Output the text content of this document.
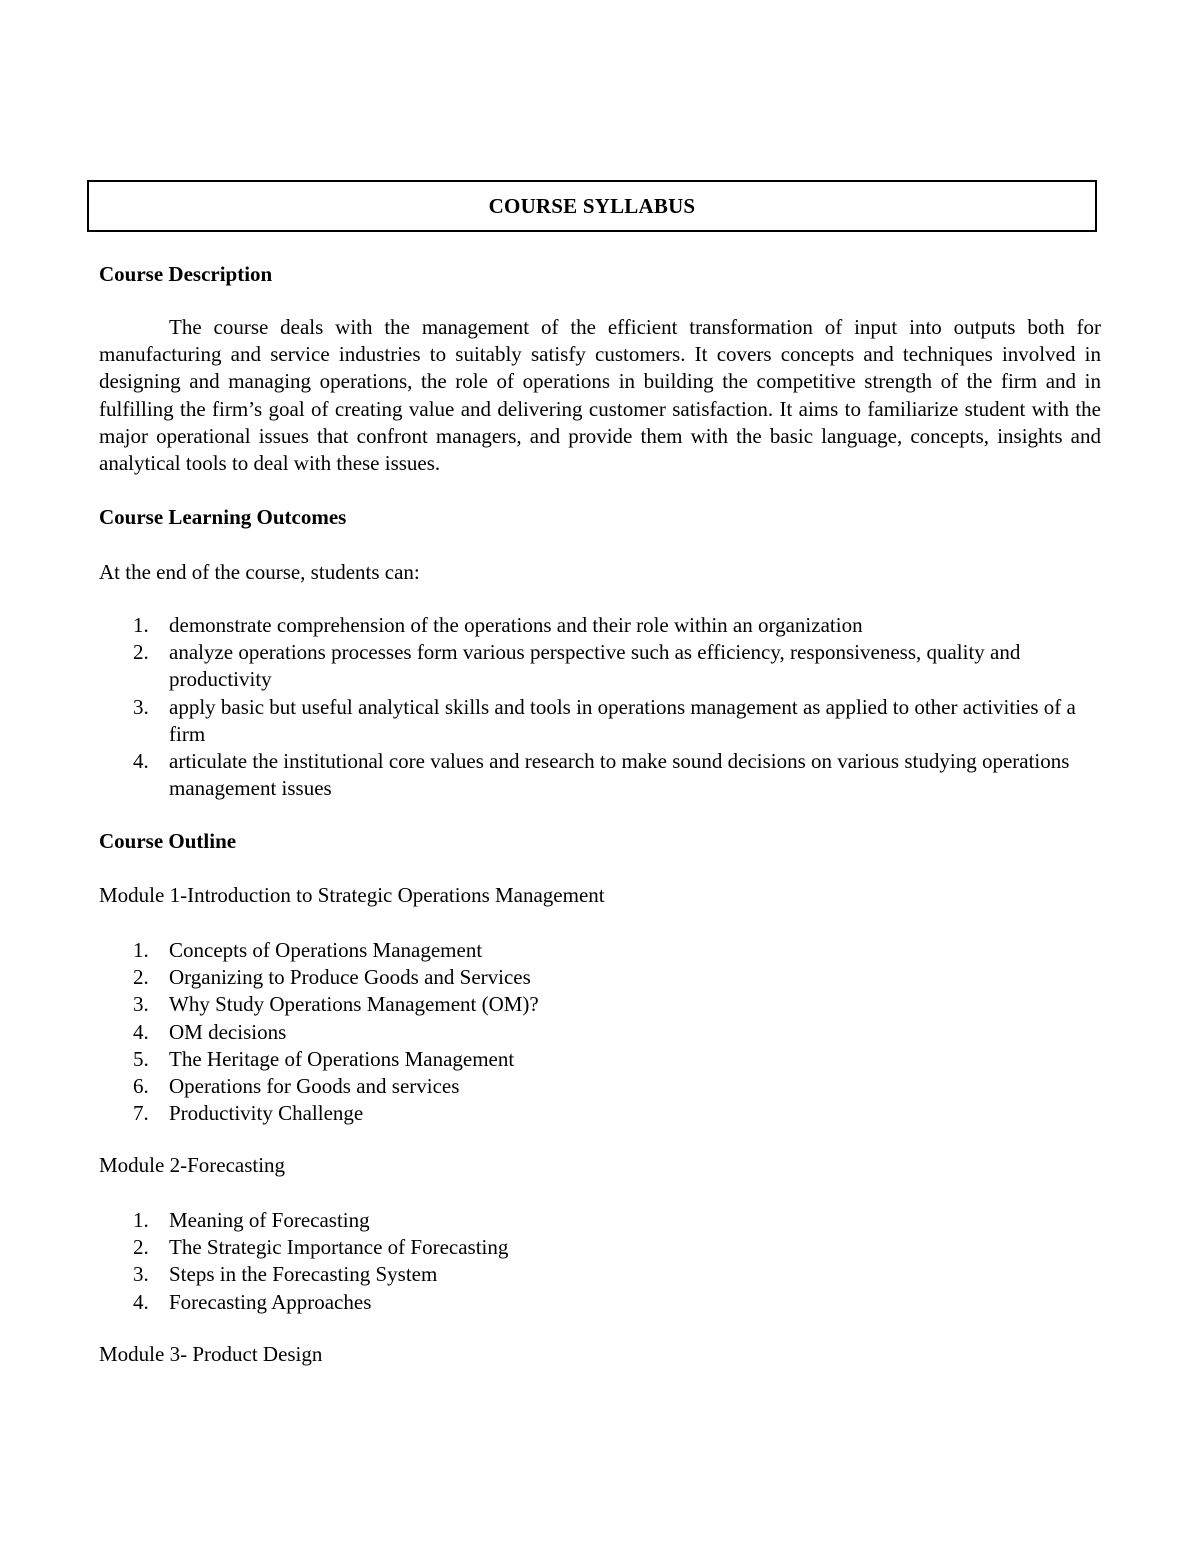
COURSE SYLLABUS
Course Description

The course deals with the management of the efficient transformation of input into outputs both for manufacturing and service industries to suitably satisfy customers. It covers concepts and techniques involved in designing and managing operations, the role of operations in building the competitive strength of the firm and in fulfilling the firm’s goal of creating value and delivering customer satisfaction. It aims to familiarize student with the major operational issues that confront managers, and provide them with the basic language, concepts, insights and analytical tools to deal with these issues.

Course Learning Outcomes
At the end of the course, students can:
1. demonstrate comprehension of the operations and their role within an organization
2. analyze operations processes form various perspective such as efficiency, responsiveness, quality and productivity
3. apply basic but useful analytical skills and tools in operations management as applied to other activities of a firm
4. articulate the institutional core values and research to make sound decisions on various studying operations management issues
Course Outline
Module 1-Introduction to Strategic Operations Management
1. Concepts of Operations Management
2. Organizing to Produce Goods and Services
3. Why Study Operations Management (OM)?
4. OM decisions
5. The Heritage of Operations Management
6. Operations for Goods and services
7. Productivity Challenge
Module 2-Forecasting
1. Meaning of Forecasting
2. The Strategic Importance of Forecasting
3. Steps in the Forecasting System
4. Forecasting Approaches
Module 3- Product Design
